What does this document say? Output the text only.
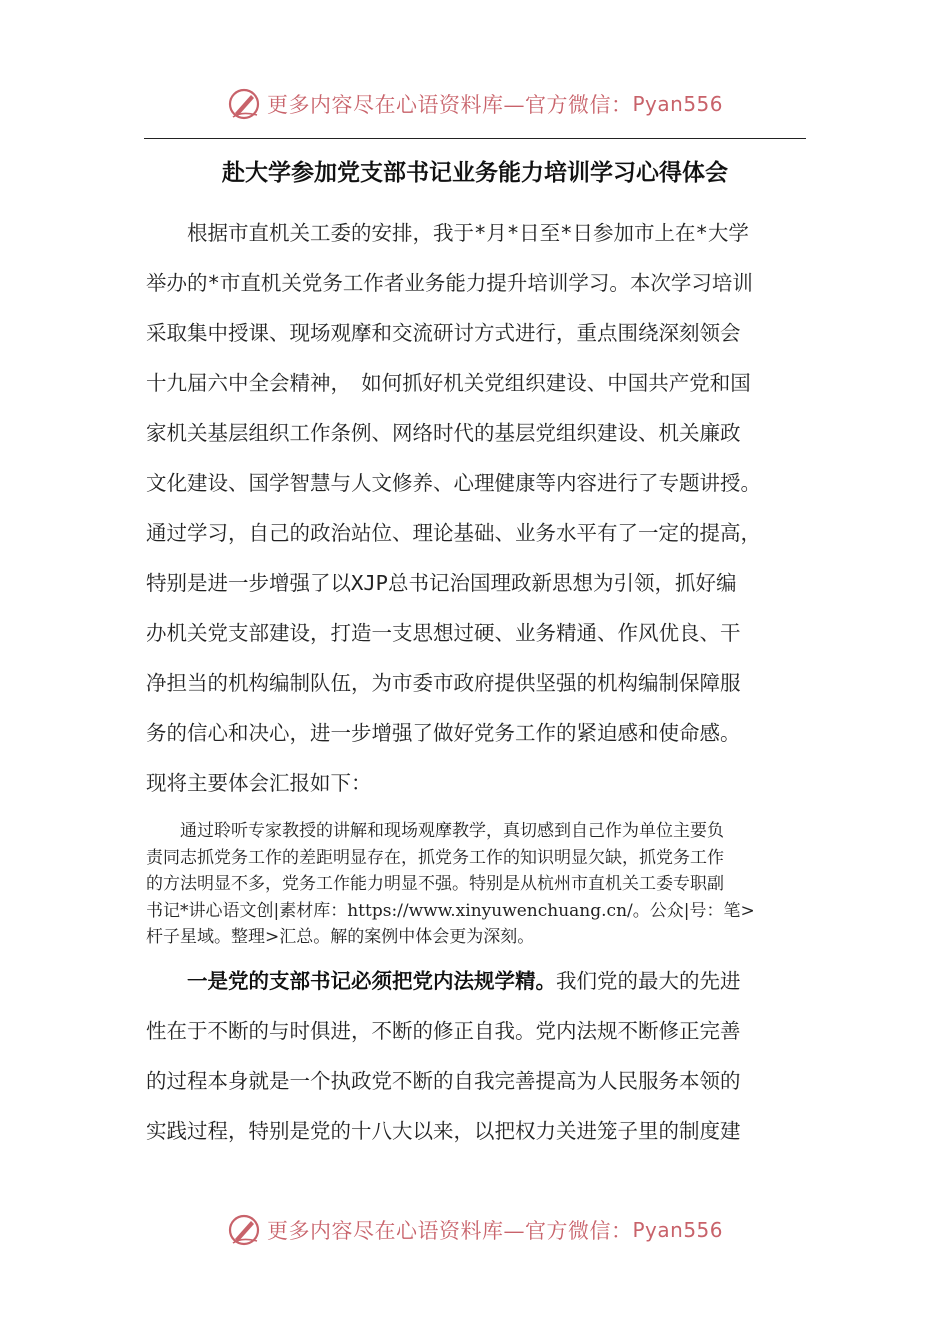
更多内容尽在心语资料库—官方微信： Pyan556
赴大学参加党支部书记业务能力培训学习心得体会
　　根据市直机关工委的安排，我于*月*日至*日参加市上在*大学
举办的*市直机关党务工作者业务能力提升培训学习。本次学习培训
采取集中授课、现场观摩和交流研讨方式进行，重点围绕深刻领会
十九届六中全会精神，　如何抓好机关党组织建设、中国共产党和国
家机关基层组织工作条例、网络时代的基层党组织建设、机关廉政
文化建设、国学智慧与人文修养、心理健康等内容进行了专题讲授。
通过学习，自己的政治站位、理论基础、业务水平有了一定的提高，
特别是进一步增强了以XJP总书记治国理政新思想为引领，抓好编
办机关党支部建设，打造一支思想过硬、业务精通、作风优良、干
净担当的机构编制队伍，为市委市政府提供坚强的机构编制保障服
务的信心和决心，进一步增强了做好党务工作的紧迫感和使命感。
现将主要体会汇报如下：
　　通过聆听专家教授的讲解和现场观摩教学，真切感到自己作为单位主要负
责同志抓党务工作的差距明显存在，抓党务工作的知识明显欠缺，抓党务工作
的方法明显不多，党务工作能力明显不强。特别是从杭州市直机关工委专职副
书记*讲心语文创|素材库：https://www.xinyuwenchuang.cn/。公众|号：笔>
杆子星域。整理>汇总。解的案例中体会更为深刻。
　　一是党的支部书记必须把党内法规学精。我们党的最大的先进
性在于不断的与时俱进，不断的修正自我。党内法规不断修正完善
的过程本身就是一个执政党不断的自我完善提高为人民服务本领的
实践过程，特别是党的十八大以来，以把权力关进笼子里的制度建
更多内容尽在心语资料库—官方微信： Pyan556
